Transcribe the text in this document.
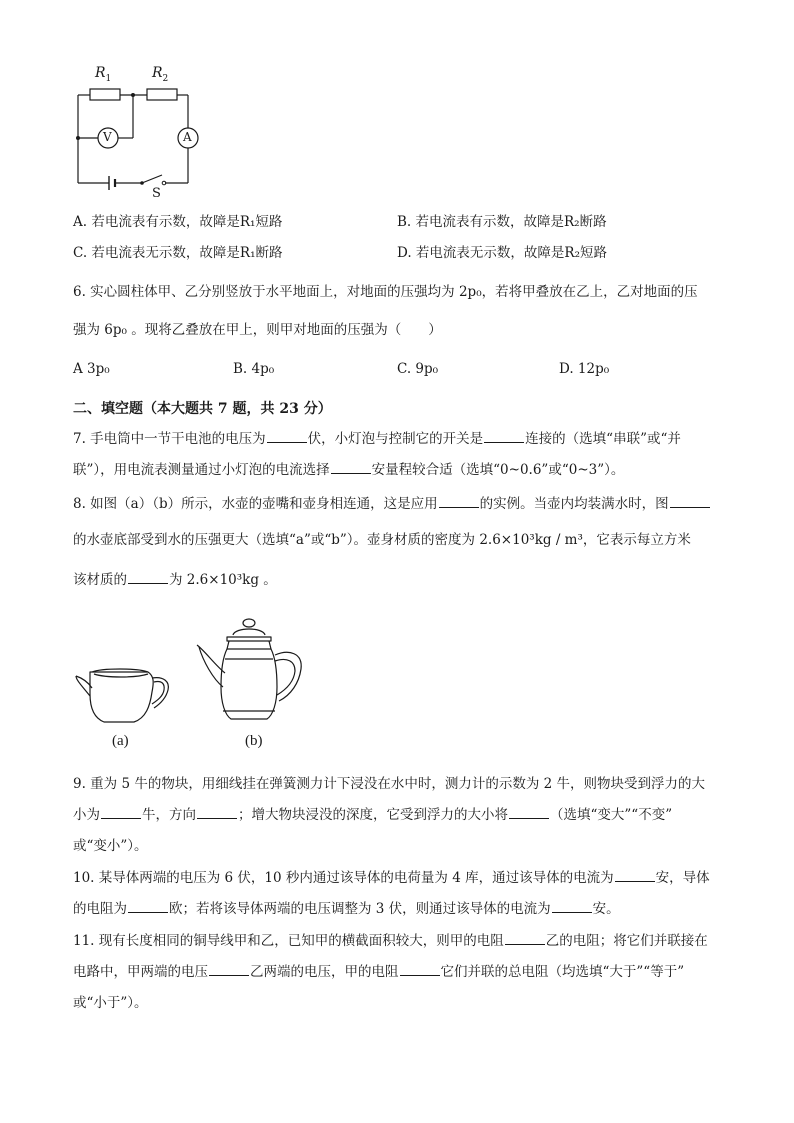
$R_1$	$R_2$
V	A
S
A. 若电流表有示数，故障是R₁短路	B. 若电流表有示数，故障是R₂断路
C. 若电流表无示数，故障是R₁断路	D. 若电流表无示数，故障是R₂短路
6. 实心圆柱体甲、乙分别竖放于水平地面上，对地面的压强均为 2p₀，若将甲叠放在乙上，乙对地面的压
强为 6p₀ 。现将乙叠放在甲上，则甲对地面的压强为（　　）
A 3p₀	B. 4p₀	C. 9p₀	D. 12p₀
二、填空题（本大题共 7 题，共 23 分）
7. 手电筒中一节干电池的电压为	伏，小灯泡与控制它的开关是	连接的（选填“串联”或“并
联”），用电流表测量通过小灯泡的电流选择	安量程较合适（选填“0~0.6”或“0~3”）。
8. 如图（a）（b）所示，水壶的壶嘴和壶身相连通，这是应用	的实例。当壶内均装满水时，图
的水壶底部受到水的压强更大（选填“a”或“b”）。壶身材质的密度为 2.6×10³kg / m³，它表示每立方米
该材质的	为 2.6×10³kg 。
(a)	(b)
9. 重为 5 牛的物块，用细线挂在弹簧测力计下浸没在水中时，测力计的示数为 2 牛，则物块受到浮力的大
小为	牛，方向	；增大物块浸没的深度，它受到浮力的大小将	（选填“变大”“不变”
或“变小”）。
10. 某导体两端的电压为 6 伏，10 秒内通过该导体的电荷量为 4 库，通过该导体的电流为	安，导体
的电阻为	欧；若将该导体两端的电压调整为 3 伏，则通过该导体的电流为	安。
11. 现有长度相同的铜导线甲和乙，已知甲的横截面积较大，则甲的电阻	乙的电阻；将它们并联接在
电路中，甲两端的电压	乙两端的电压，甲的电阻	它们并联的总电阻（均选填“大于”“等于”
或“小于”）。
